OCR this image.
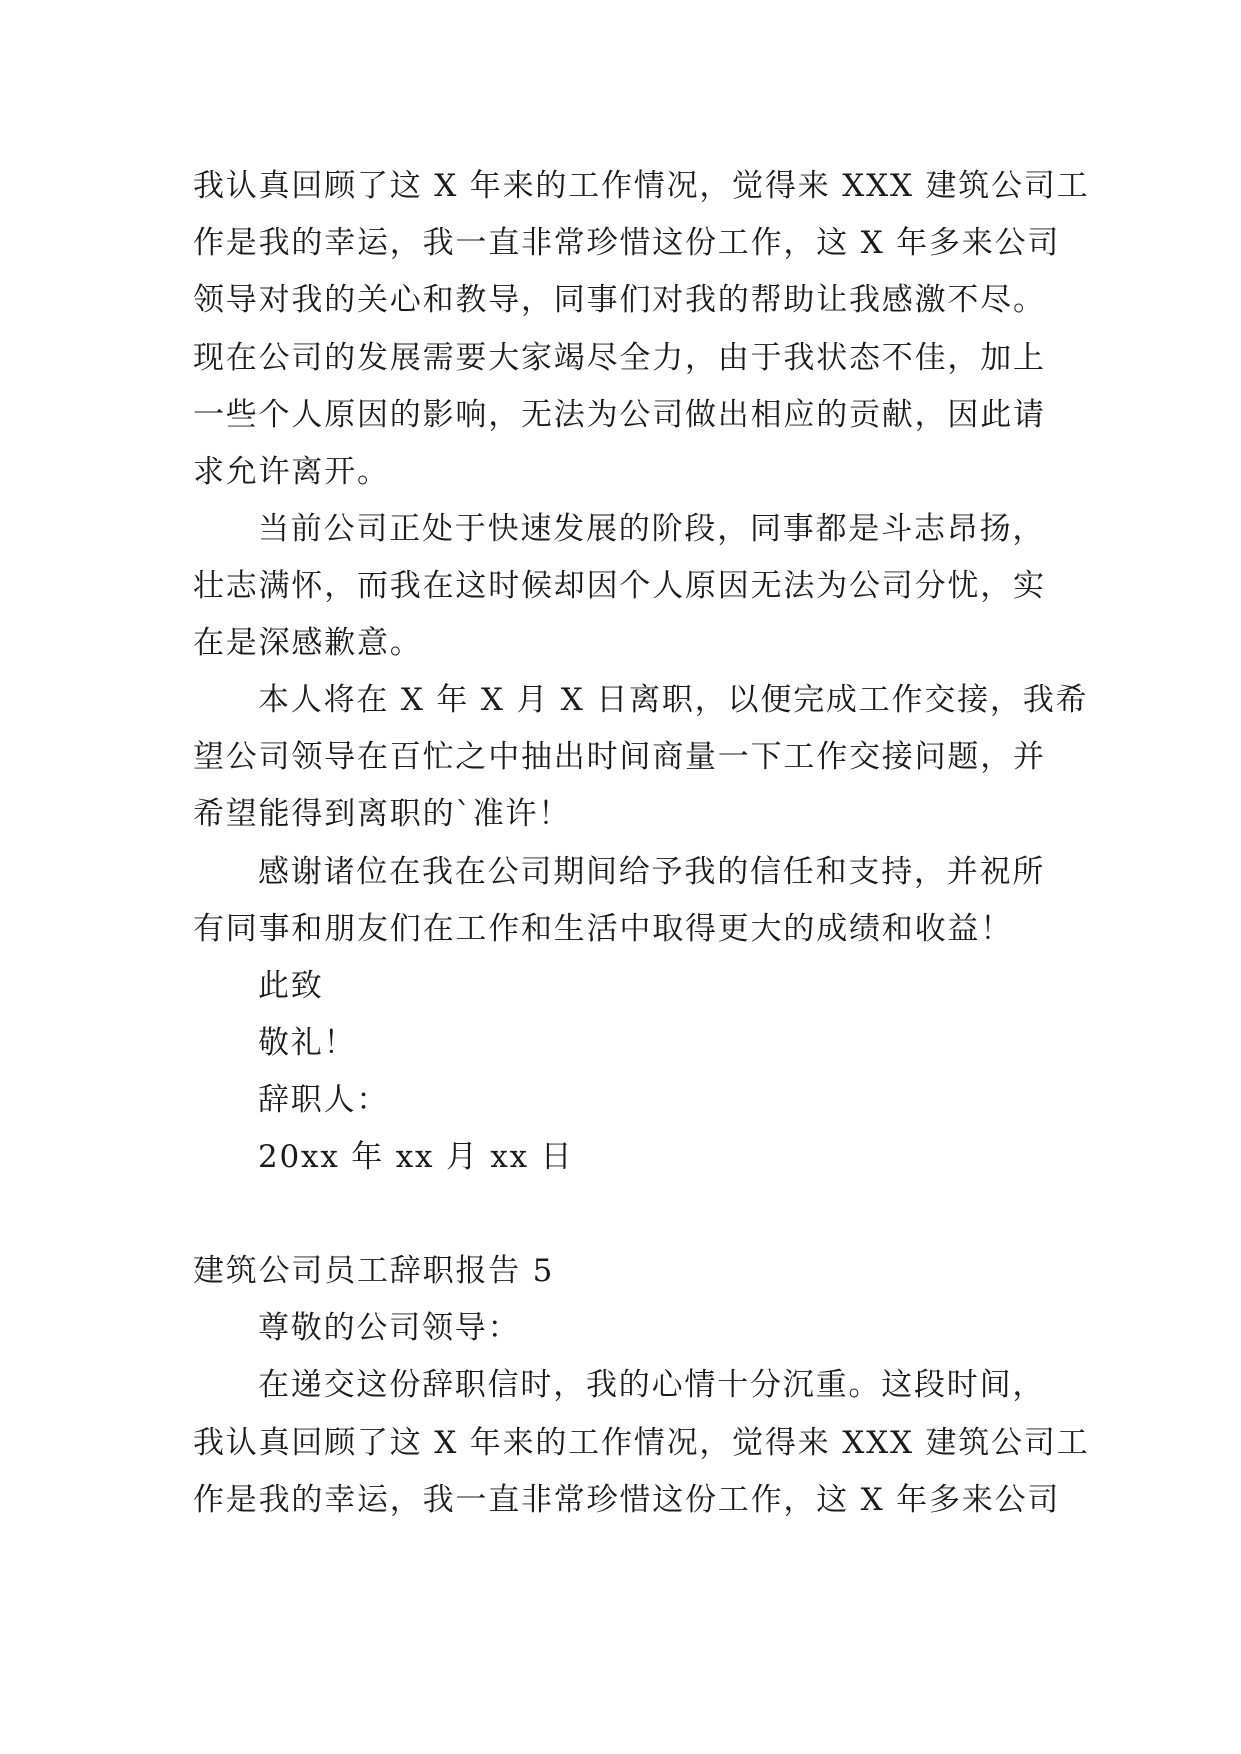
我认真回顾了这 X 年来的工作情况，觉得来 XXX 建筑公司工
作是我的幸运，我一直非常珍惜这份工作，这 X 年多来公司
领导对我的关心和教导，同事们对我的帮助让我感激不尽。
现在公司的发展需要大家竭尽全力，由于我状态不佳，加上
一些个人原因的影响，无法为公司做出相应的贡献，因此请
求允许离开。
当前公司正处于快速发展的阶段，同事都是斗志昂扬，
壮志满怀，而我在这时候却因个人原因无法为公司分忧，实
在是深感歉意。
本人将在 X 年 X 月 X 日离职，以便完成工作交接，我希
望公司领导在百忙之中抽出时间商量一下工作交接问题，并
希望能得到离职的`准许！
感谢诸位在我在公司期间给予我的信任和支持，并祝所
有同事和朋友们在工作和生活中取得更大的成绩和收益！
此致
敬礼！
辞职人：
20xx 年 xx 月 xx 日
建筑公司员工辞职报告 5
尊敬的公司领导：
在递交这份辞职信时，我的心情十分沉重。这段时间，
我认真回顾了这 X 年来的工作情况，觉得来 XXX 建筑公司工
作是我的幸运，我一直非常珍惜这份工作，这 X 年多来公司
